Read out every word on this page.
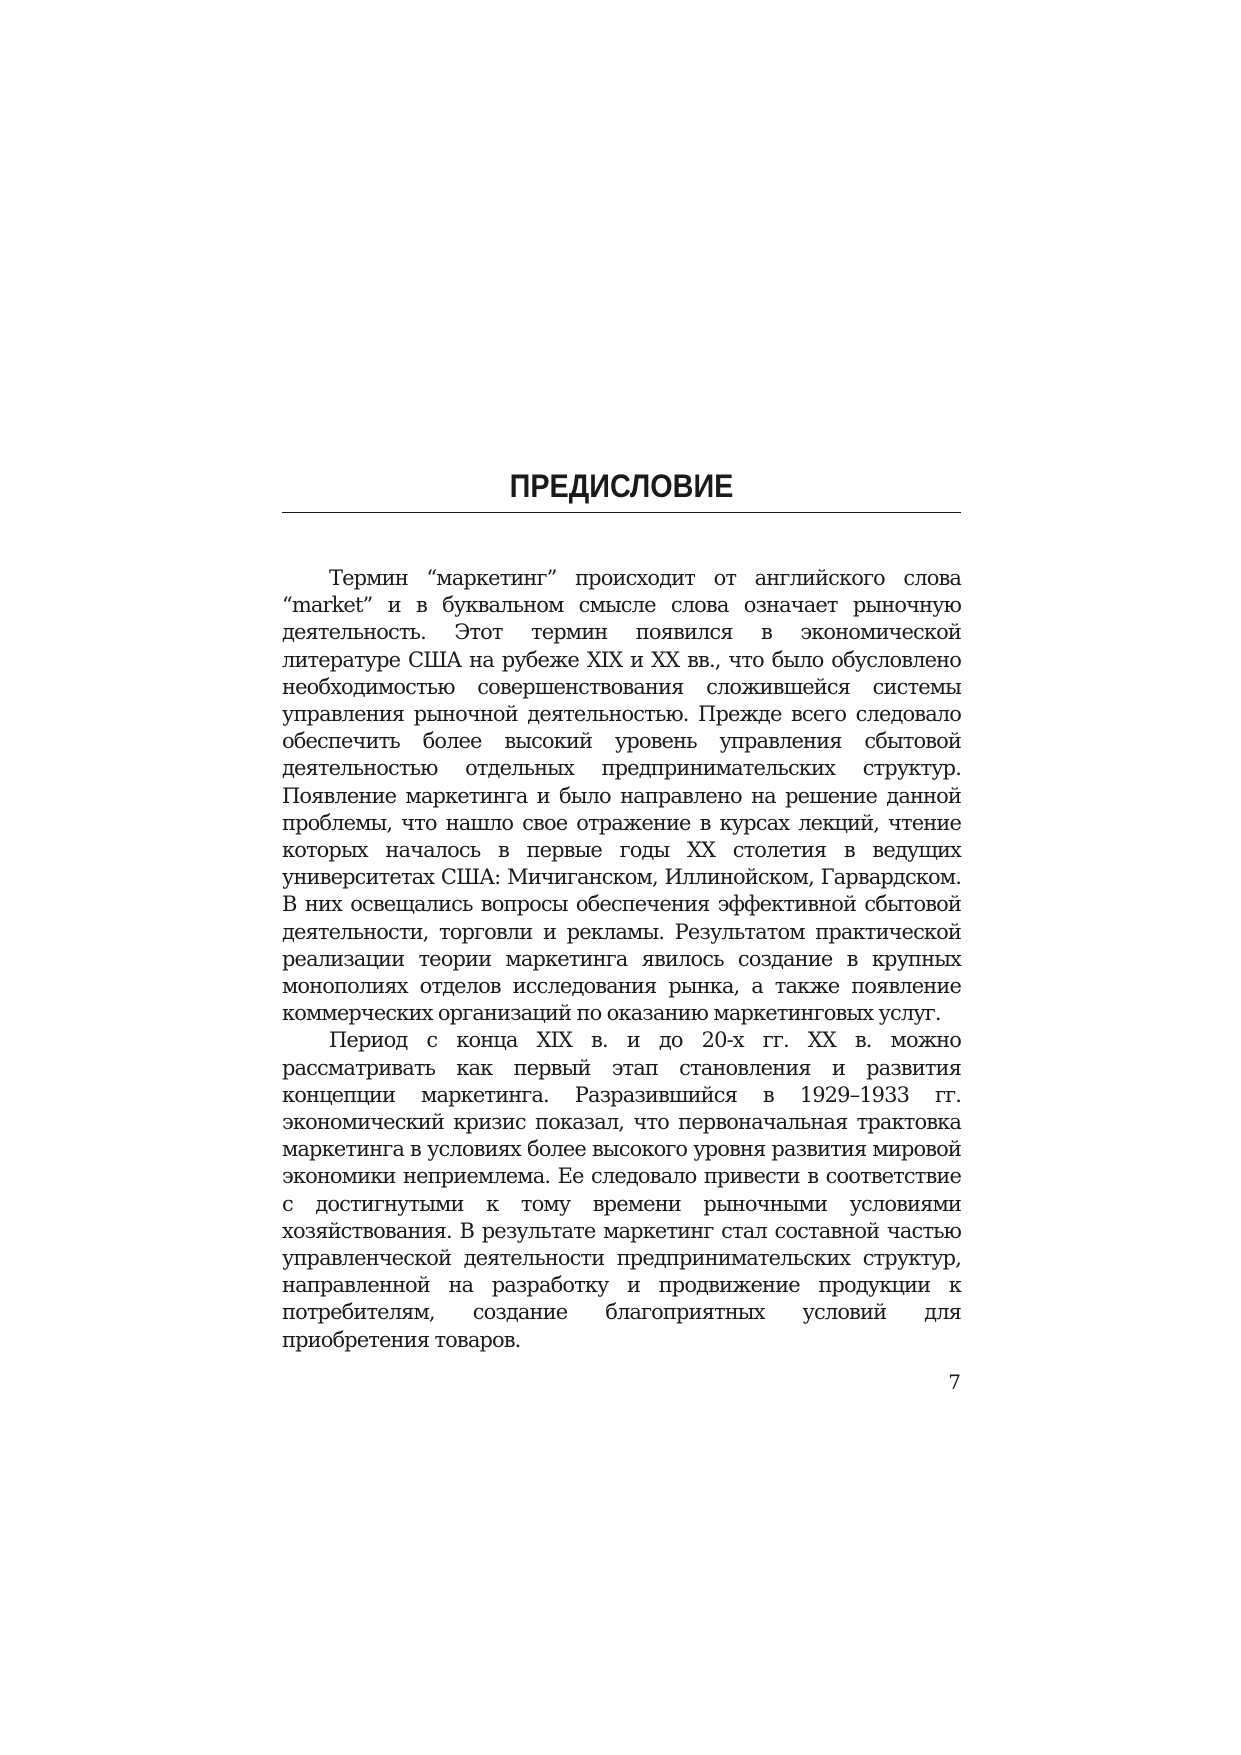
ПРЕДИСЛОВИЕ

Термин “маркетинг” происходит от английского слова “market” и в буквальном смысле слова означает рыночную деятельность. Этот термин появился в экономической литературе США на рубеже XIX и XX вв., что было обусловлено необходимостью совершенствования сложившейся системы управления рыночной деятельностью. Прежде всего следовало обеспечить более высокий уровень управления сбытовой деятельностью отдельных предпринимательских структур. Появление маркетинга и было направлено на решение данной проблемы, что нашло свое отражение в курсах лекций, чтение которых началось в первые годы XX столетия в ведущих университетах США: Мичиганском, Иллинойском, Гарвардском. В них освещались вопросы обеспечения эффективной сбытовой деятельности, торговли и рекламы. Результатом практической реализации теории маркетинга явилось создание в крупных монополиях отделов исследования рынка, а также появление коммерческих организаций по оказанию маркетинговых услуг.

Период с конца XIX в. и до 20-х гг. XX в. можно рассматривать как первый этап становления и развития концепции маркетинга. Разразившийся в 1929–1933 гг. экономический кризис показал, что первоначальная трактовка маркетинга в условиях более высокого уровня развития мировой экономики неприемлема. Ее следовало привести в соответствие с достигнутыми к тому времени рыночными условиями хозяйствования. В результате маркетинг стал составной частью управленческой деятельности предпринимательских структур, направленной на разработку и продвижение продукции к потребителям, создание благоприятных условий для приобретения товаров.

7
